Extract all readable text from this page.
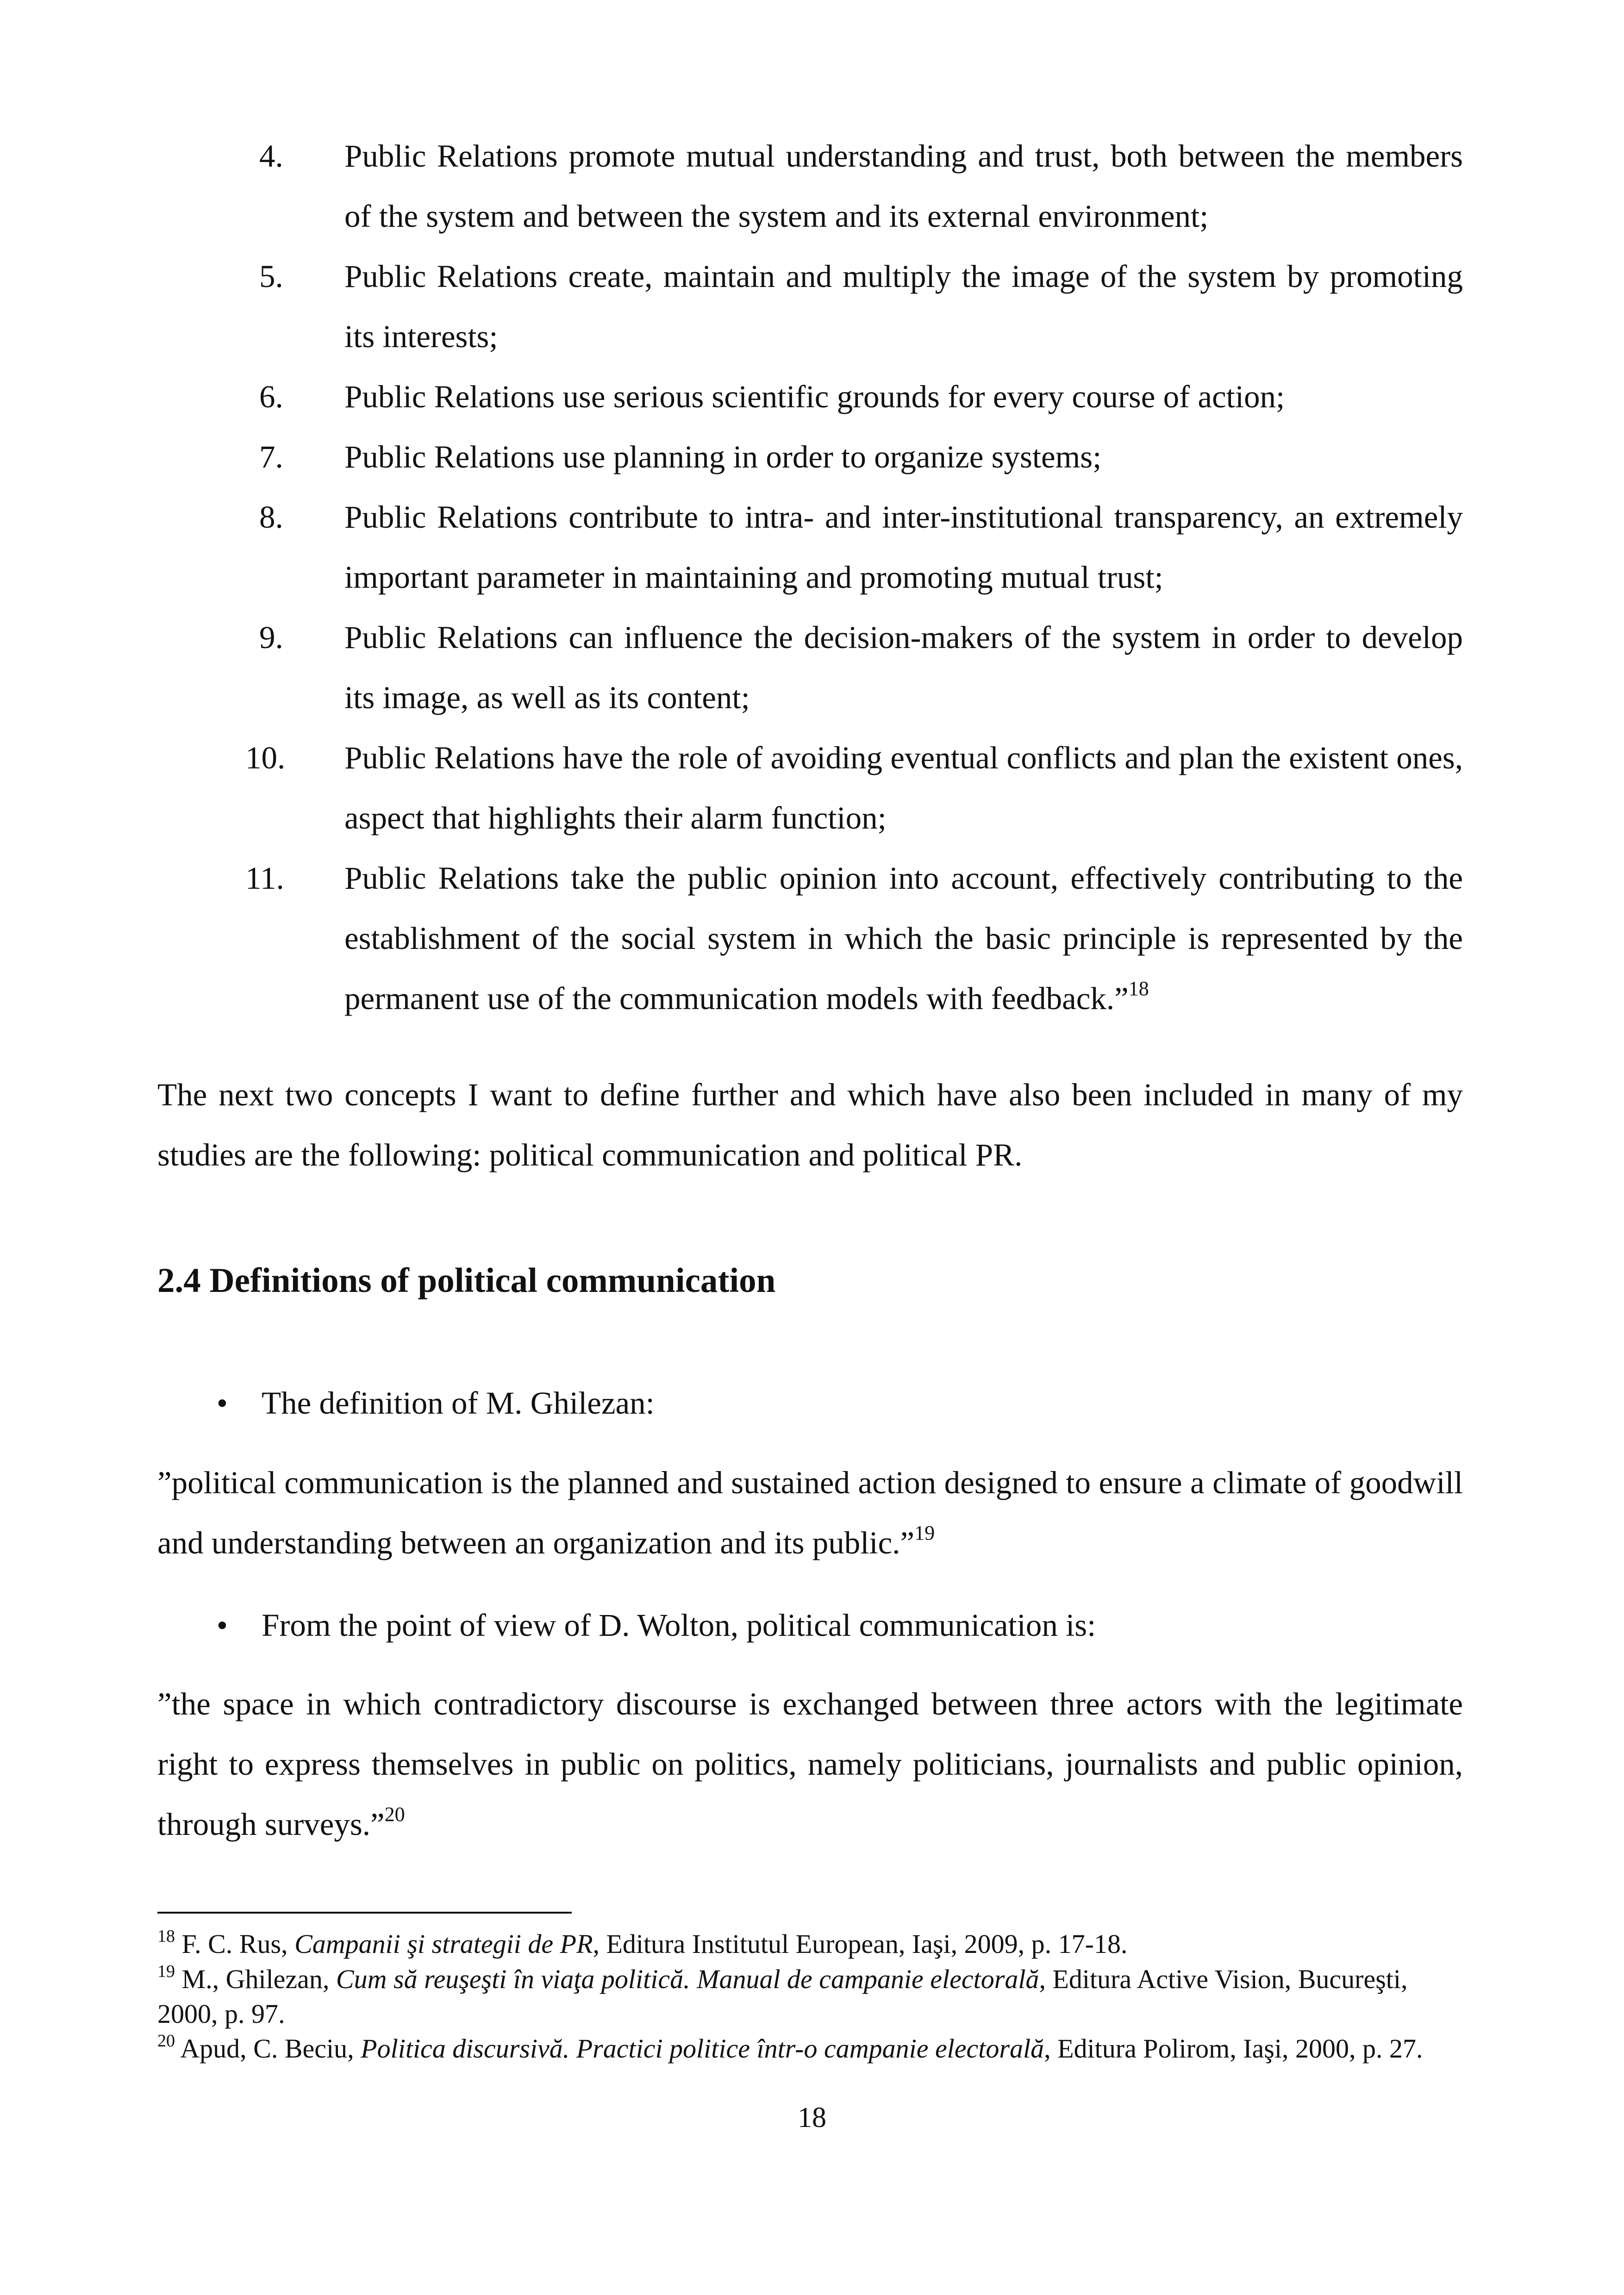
4.	Public Relations promote mutual understanding and trust, both between the members of the system and between the system and its external environment;
5.	Public Relations create, maintain and multiply the image of the system by promoting its interests;
6.	Public Relations use serious scientific grounds for every course of action;
7.	Public Relations use planning in order to organize systems;
8.	Public Relations contribute to intra- and inter-institutional transparency, an extremely important parameter in maintaining and promoting mutual trust;
9.	Public Relations can influence the decision-makers of the system in order to develop its image, as well as its content;
10.	Public Relations have the role of avoiding eventual conflicts and plan the existent ones, aspect that highlights their alarm function;
11.	Public Relations take the public opinion into account, effectively contributing to the establishment of the social system in which the basic principle is represented by the permanent use of the communication models with feedback.”$^{18}$
The next two concepts I want to define further and which have also been included in many of my studies are the following: political communication and political PR.
2.4 Definitions of political communication
• The definition of M. Ghilezan:
”political communication is the planned and sustained action designed to ensure a climate of goodwill and understanding between an organization and its public.”$^{19}$
• From the point of view of D. Wolton, political communication is:
”the space in which contradictory discourse is exchanged between three actors with the legitimate right to express themselves in public on politics, namely politicians, journalists and public opinion, through surveys.”$^{20}$
$^{18}$ F. C. Rus, Campanii şi strategii de PR, Editura Institutul European, Iaşi, 2009, p. 17-18.
$^{19}$ M., Ghilezan, Cum să reuşeşti în viaţa politică. Manual de campanie electorală, Editura Active Vision, Bucureşti, 2000, p. 97.
$^{20}$ Apud, C. Beciu, Politica discursivă. Practici politice într-o campanie electorală, Editura Polirom, Iaşi, 2000, p. 27.
18
